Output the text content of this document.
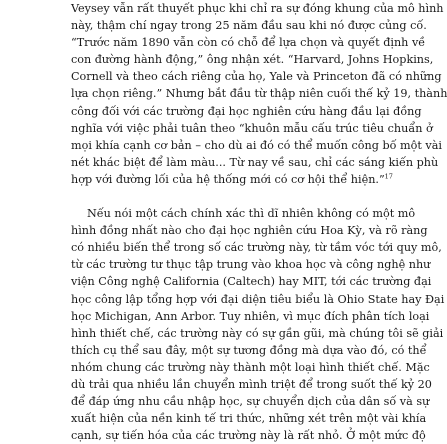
Veysey vẫn rất thuyết phục khi chỉ ra sự đóng khung của mô hình
này, thậm chí ngay trong 25 năm đầu sau khi nó được củng cố.
“Trước năm 1890 vẫn còn có chỗ để lựa chọn và quyết định về
con đường hành động,” ông nhận xét. “Harvard, Johns Hopkins,
Cornell và theo cách riêng của họ, Yale và Princeton đã có những
lựa chọn riêng.” Nhưng bắt đầu từ thập niên cuối thế kỷ 19, thành
công đối với các trường đại học nghiên cứu hàng đầu lại đồng
nghĩa với việc phải tuân theo “khuôn mẫu cấu trúc tiêu chuẩn ở
mọi khía cạnh cơ bản – cho dù ai đó có thể muốn công bố một vài
nét khác biệt để làm màu... Từ nay về sau, chỉ các sáng kiến phù
hợp với đường lối của hệ thống mới có cơ hội thể hiện.”$^{17}$
Nếu nói một cách chính xác thì dĩ nhiên không có một mô
hình đồng nhất nào cho đại học nghiên cứu Hoa Kỳ, và rõ ràng
có nhiều biến thể trong số các trường này, từ tầm vóc tới quy mô,
từ các trường tư thục tập trung vào khoa học và công nghệ như
viện Công nghệ California (Caltech) hay MIT, tới các trường đại
học công lập tổng hợp với đại diện tiêu biểu là Ohio State hay Đại
học Michigan, Ann Arbor. Tuy nhiên, vì mục đích phân tích loại
hình thiết chế, các trường này có sự gần gũi, mà chúng tôi sẽ giải
thích cụ thể sau đây, một sự tương đồng mà dựa vào đó, có thể
nhóm chung các trường này thành một loại hình thiết chế. Mặc
dù trải qua nhiều lần chuyển mình triệt để trong suốt thế kỷ 20
để đáp ứng nhu cầu nhập học, sự chuyển dịch của dân số và sự
xuất hiện của nền kinh tế tri thức, những xét trên một vài khía
cạnh, sự tiến hóa của các trường này là rất nhỏ. Ở một mức độ
